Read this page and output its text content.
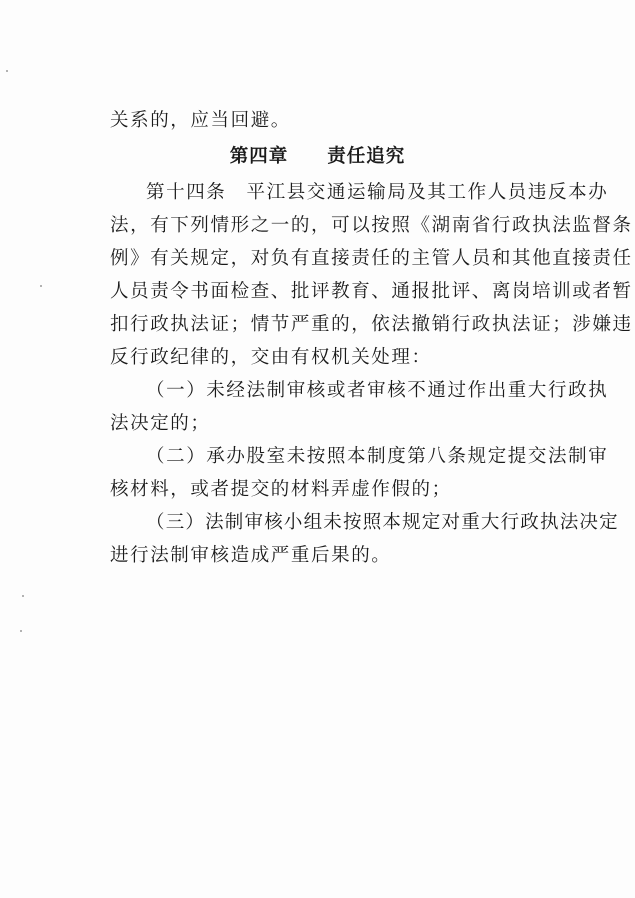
关系的，应当回避。
第四章　　责任追究
第十四条　平江县交通运输局及其工作人员违反本办
法，有下列情形之一的，可以按照《湖南省行政执法监督条
例》有关规定，对负有直接责任的主管人员和其他直接责任
人员责令书面检查、批评教育、通报批评、离岗培训或者暂
扣行政执法证；情节严重的，依法撤销行政执法证；涉嫌违
反行政纪律的，交由有权机关处理：
（一）未经法制审核或者审核不通过作出重大行政执
法决定的；
（二）承办股室未按照本制度第八条规定提交法制审
核材料，或者提交的材料弄虚作假的；
（三）法制审核小组未按照本规定对重大行政执法决定
进行法制审核造成严重后果的。
